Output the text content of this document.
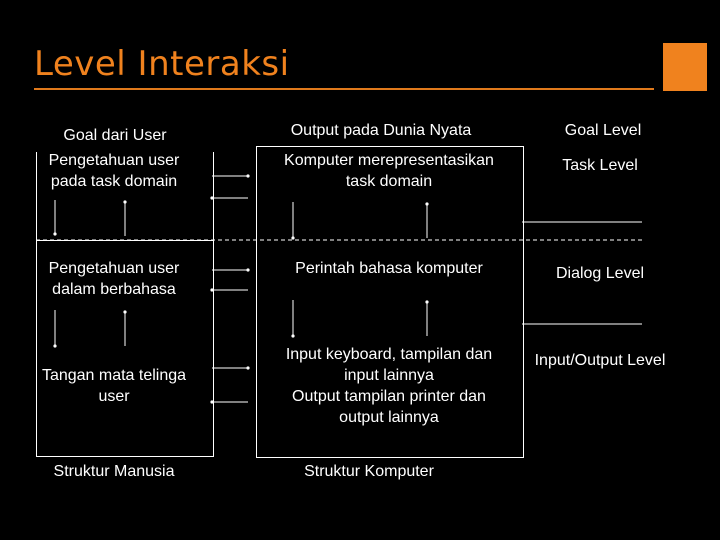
Level Interaksi
Goal dari User
Pengetahuan user
pada task domain
Pengetahuan user
dalam berbahasa
Tangan mata telinga
user
Struktur Manusia
Output pada Dunia Nyata
Komputer merepresentasikan
task domain
Perintah bahasa komputer
Input keyboard, tampilan dan
input lainnya
Output tampilan printer dan
output lainnya
Struktur Komputer
Goal Level
Task Level
Dialog Level
Input/Output Level
